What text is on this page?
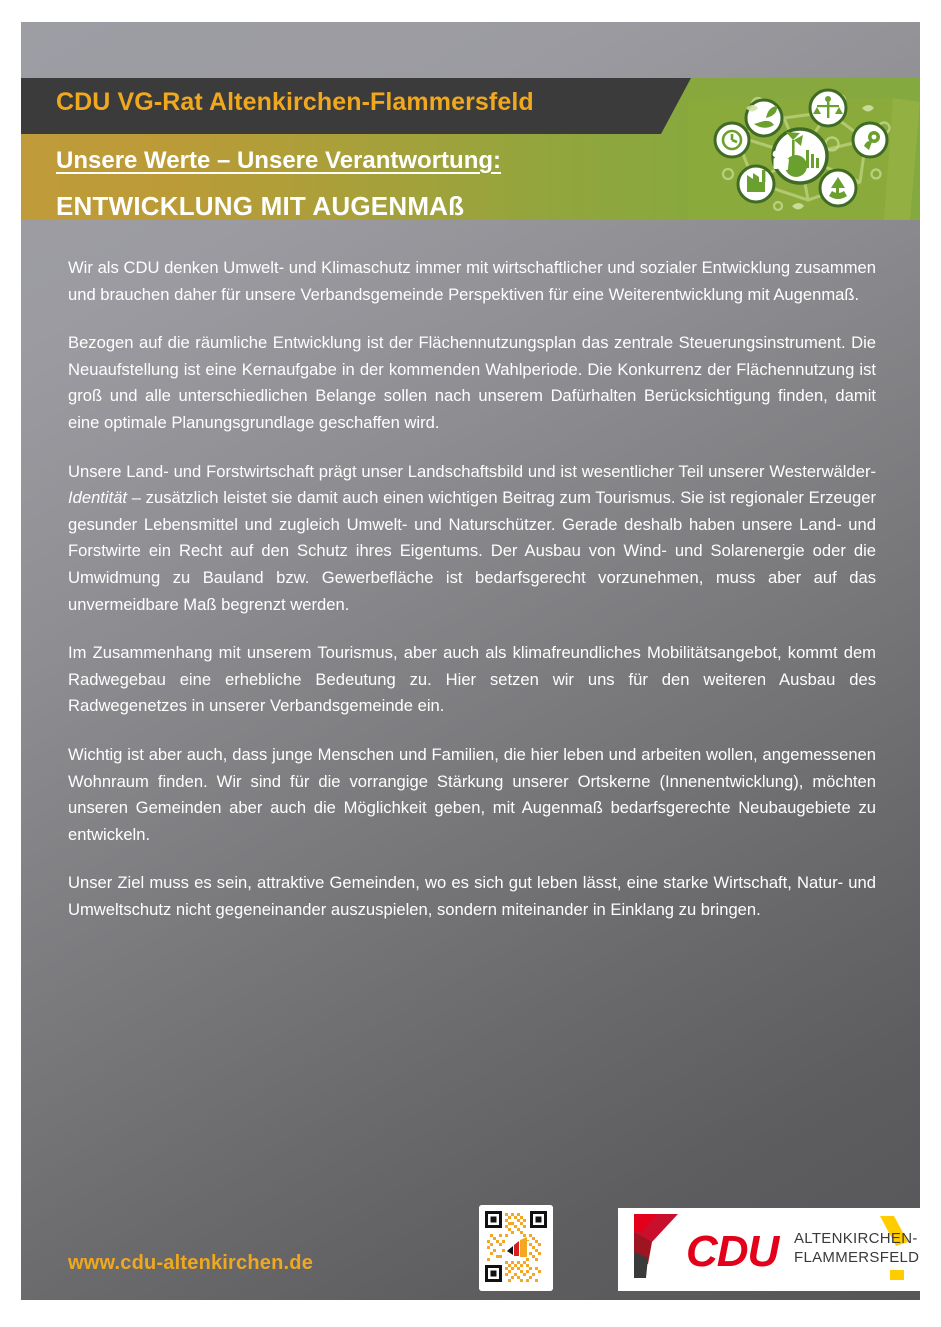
CDU VG-Rat Altenkirchen-Flammersfeld
Unsere Werte – Unsere Verantwortung:
ENTWICKLUNG MIT AUGENMAß

Wir als CDU denken Umwelt- und Klimaschutz immer mit wirtschaftlicher und sozialer Entwicklung zusammen und brauchen daher für unsere Verbandsgemeinde Perspektiven für eine Weiterentwicklung mit Augenmaß.

Bezogen auf die räumliche Entwicklung ist der Flächennutzungsplan das zentrale Steuerungsinstrument. Die Neuaufstellung ist eine Kernaufgabe in der kommenden Wahlperiode. Die Konkurrenz der Flächennutzung ist groß und alle unterschiedlichen Belange sollen nach unserem Dafürhalten Berücksichtigung finden, damit eine optimale Planungsgrundlage geschaffen wird.

Unsere Land- und Forstwirtschaft prägt unser Landschaftsbild und ist wesentlicher Teil unserer Westerwälder-Identität – zusätzlich leistet sie damit auch einen wichtigen Beitrag zum Tourismus. Sie ist regionaler Erzeuger gesunder Lebensmittel und zugleich Umwelt- und Naturschützer. Gerade deshalb haben unsere Land- und Forstwirte ein Recht auf den Schutz ihres Eigentums. Der Ausbau von Wind- und Solarenergie oder die Umwidmung zu Bauland bzw. Gewerbefläche ist bedarfsgerecht vorzunehmen, muss aber auf das unvermeidbare Maß begrenzt werden.

Im Zusammenhang mit unserem Tourismus, aber auch als klimafreundliches Mobilitätsangebot, kommt dem Radwegebau eine erhebliche Bedeutung zu. Hier setzen wir uns für den weiteren Ausbau des Radwegenetzes in unserer Verbandsgemeinde ein.

Wichtig ist aber auch, dass junge Menschen und Familien, die hier leben und arbeiten wollen, angemessenen Wohnraum finden. Wir sind für die vorrangige Stärkung unserer Ortskerne (Innenentwicklung), möchten unseren Gemeinden aber auch die Möglichkeit geben, mit Augenmaß bedarfsgerechte Neubaugebiete zu entwickeln.

Unser Ziel muss es sein, attraktive Gemeinden, wo es sich gut leben lässt, eine starke Wirtschaft, Natur- und Umweltschutz nicht gegeneinander auszuspielen, sondern miteinander in Einklang zu bringen.

www.cdu-altenkirchen.de	CDU ALTENKIRCHEN-
FLAMMERSFELD
